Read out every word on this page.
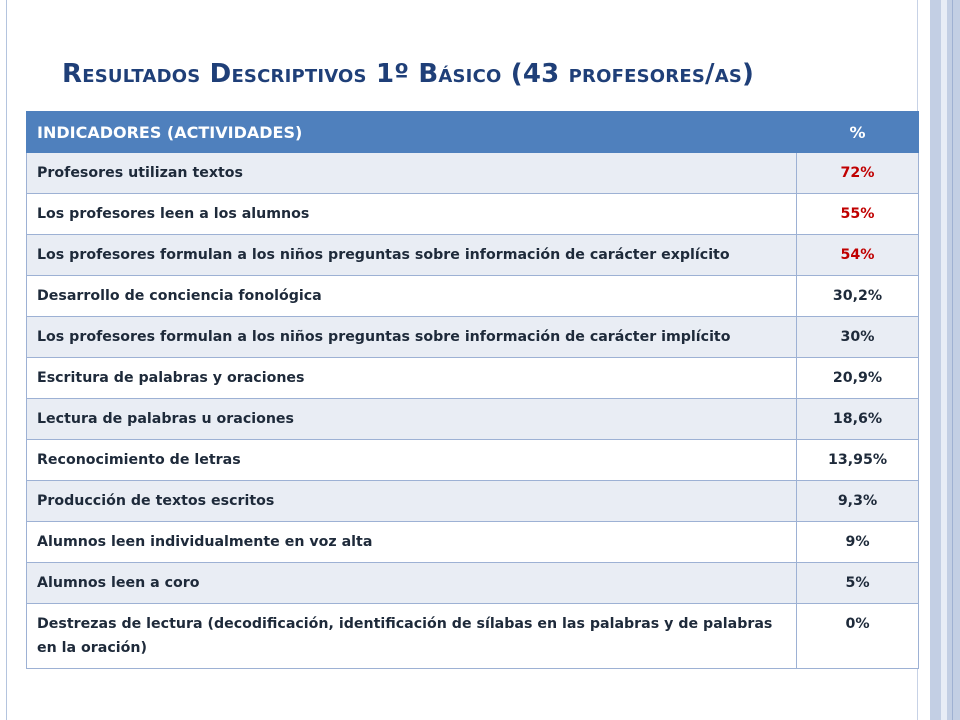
Resultados Descriptivos 1º Básico (43 profesores/as)
INDICADORES (ACTIVIDADES)	%
Profesores utilizan textos	72%
Los profesores leen a los alumnos	55%
Los profesores formulan a los niños preguntas sobre información de carácter explícito	54%
Desarrollo de conciencia fonológica	30,2%
Los profesores formulan a los niños preguntas sobre información de carácter implícito	30%
Escritura de palabras y oraciones	20,9%
Lectura de palabras u oraciones	18,6%
Reconocimiento de letras	13,95%
Producción de textos escritos	9,3%
Alumnos leen individualmente en voz alta	9%
Alumnos leen a coro	5%
Destrezas de lectura (decodificación, identificación de sílabas en las palabras y de palabras en la oración)	0%
